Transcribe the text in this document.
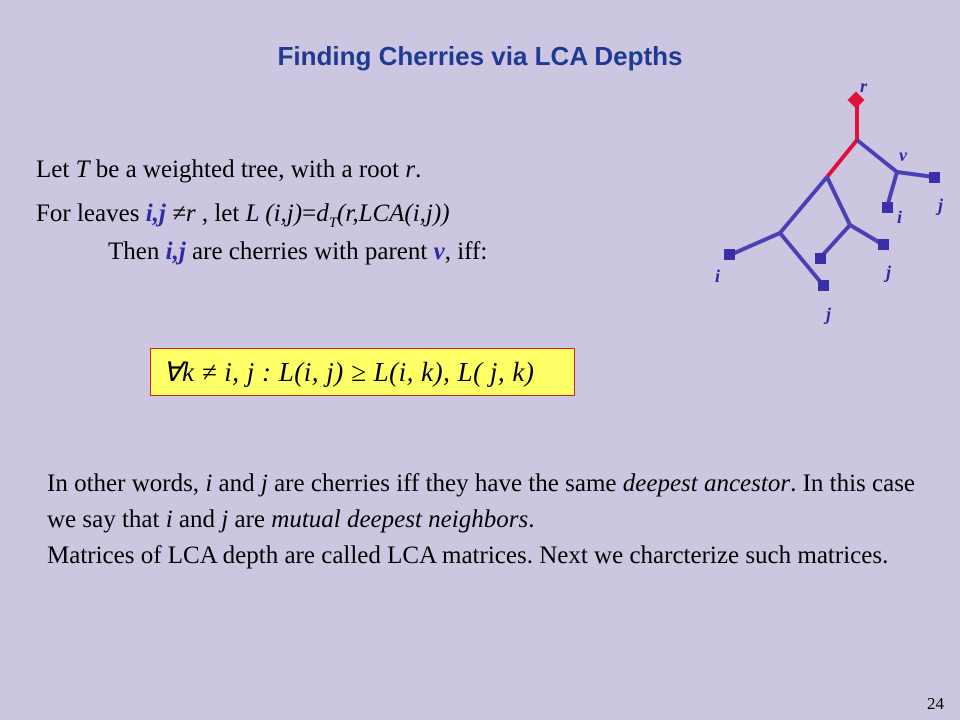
Finding Cherries via LCA Depths
Let T be a weighted tree, with a root r.
For leaves i,j ≠r , let L $(i,j)=d_T(r,LCA(i,j))$
Then i,j are cherries with parent v, iff:
∀k ≠ i, j : L(i, j) ≥ L(i, k), L( j, k)

In other words, i and j are cherries iff they have the same deepest ancestor. In this case we say that i and j are mutual deepest neighbors.

Matrices of LCA depth are called LCA matrices. Next we charcterize such matrices.

r
v
j
i
j
i
j
24
